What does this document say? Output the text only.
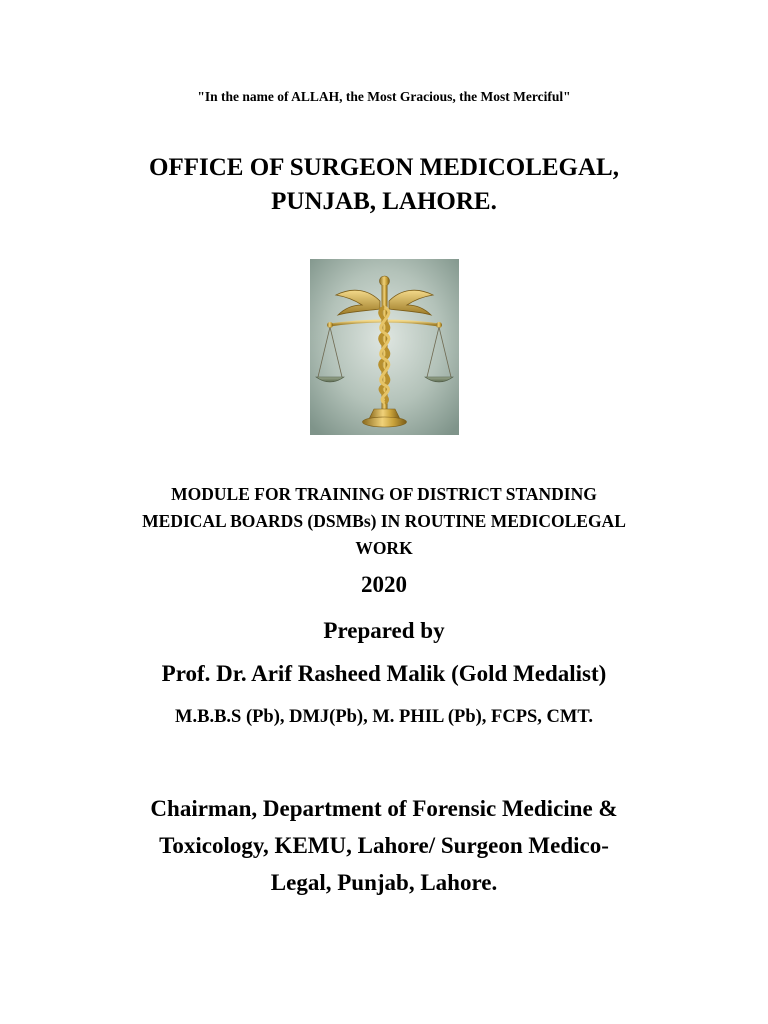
"In the name of ALLAH, the Most Gracious, the Most Merciful"
OFFICE OF SURGEON MEDICOLEGAL,
PUNJAB, LAHORE.
MODULE FOR TRAINING OF DISTRICT STANDING
MEDICAL BOARDS (DSMBs) IN ROUTINE MEDICOLEGAL
WORK
2020
Prepared by
Prof. Dr. Arif Rasheed Malik (Gold Medalist)
M.B.B.S (Pb), DMJ(Pb), M. PHIL (Pb), FCPS, CMT.
Chairman, Department of Forensic Medicine &
Toxicology, KEMU, Lahore/ Surgeon Medico-
Legal, Punjab, Lahore.
